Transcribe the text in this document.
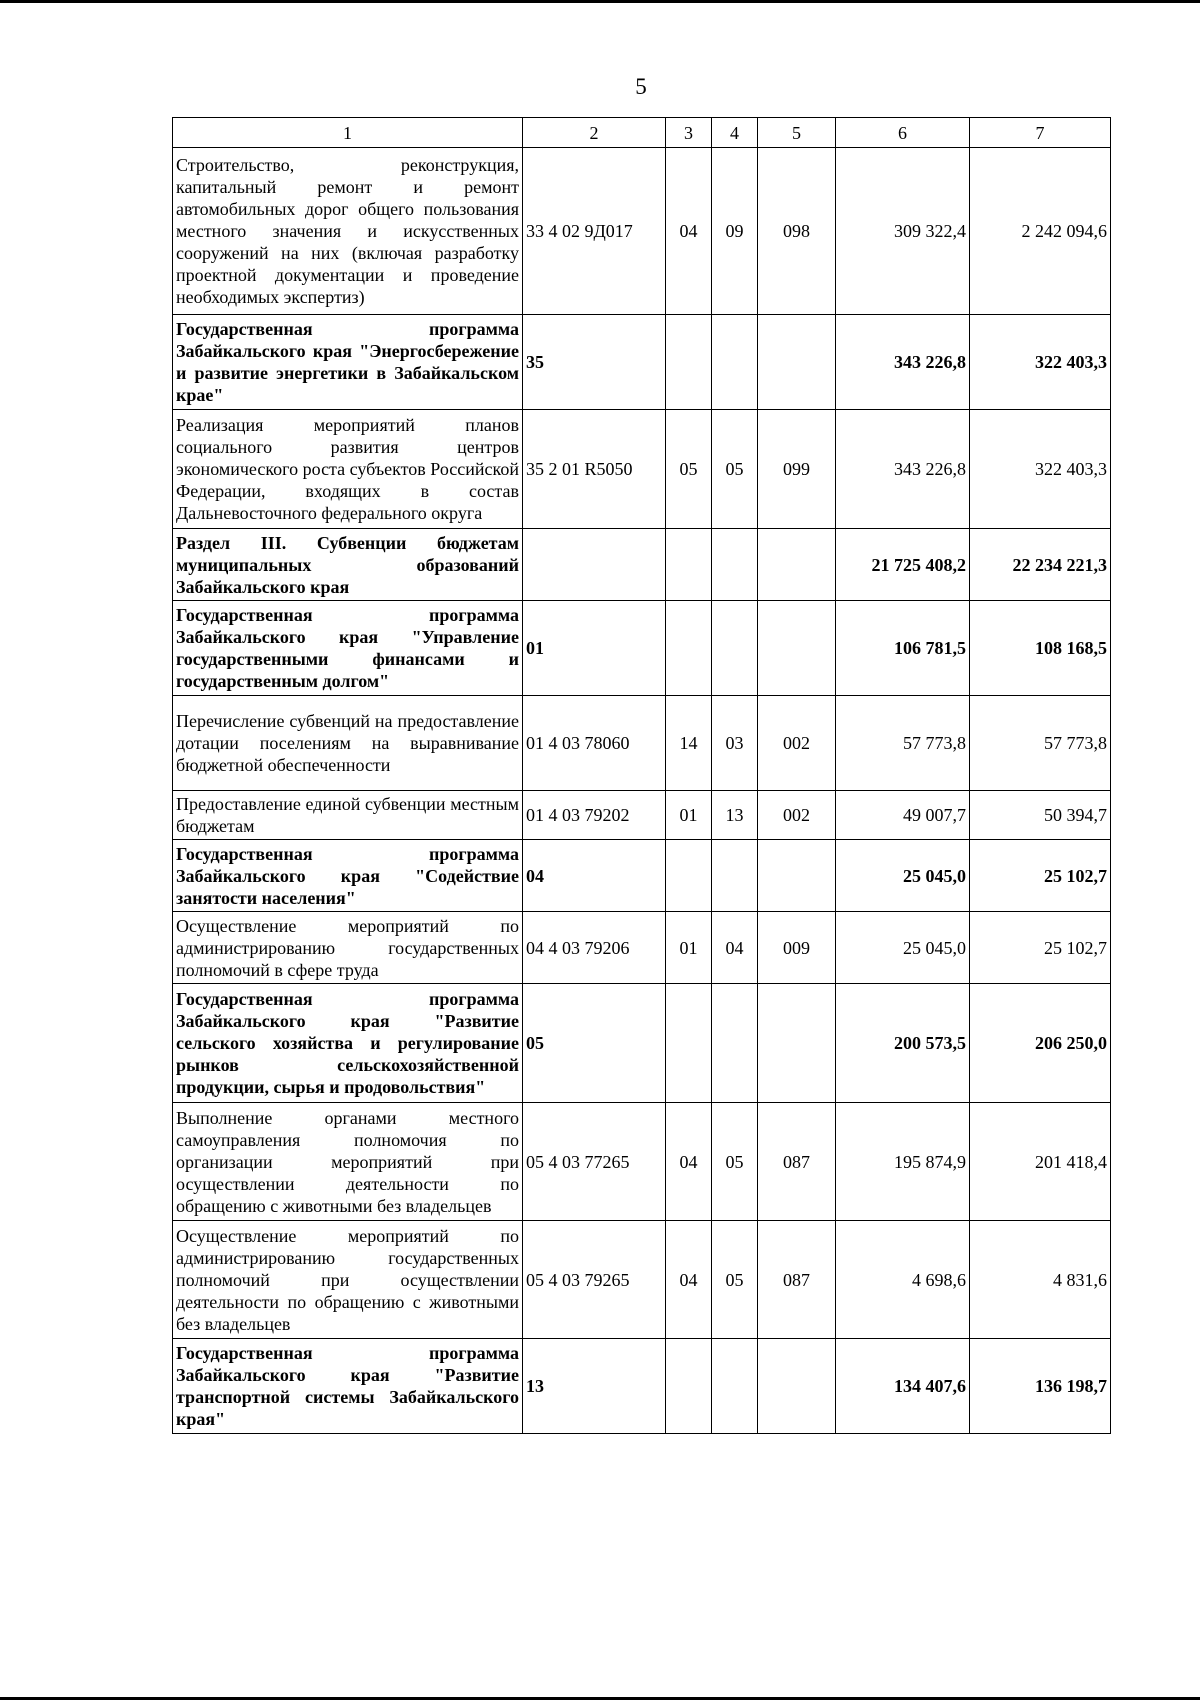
5
1	2	3	4	5	6	7
Строительство, реконструкция, капитальный ремонт и ремонт автомобильных дорог общего пользования местного значения и искусственных сооружений на них (включая разработку проектной документации и проведение необходимых экспертиз)	33 4 02 9Д017	04	09	098	309 322,4	2 242 094,6
Государственная программа Забайкальского края "Энергосбережение и развитие энергетики в Забайкальском крае"	35				343 226,8	322 403,3
Реализация мероприятий планов социального развития центров экономического роста субъектов Российской Федерации, входящих в состав Дальневосточного федерального округа	35 2 01 R5050	05	05	099	343 226,8	322 403,3
Раздел III. Субвенции бюджетам муниципальных образований Забайкальского края					21 725 408,2	22 234 221,3
Государственная программа Забайкальского края "Управление государственными финансами и государственным долгом"	01				106 781,5	108 168,5
Перечисление субвенций на предоставление дотации поселениям на выравнивание бюджетной обеспеченности	01 4 03 78060	14	03	002	57 773,8	57 773,8
Предоставление единой субвенции местным бюджетам	01 4 03 79202	01	13	002	49 007,7	50 394,7
Государственная программа Забайкальского края "Содействие занятости населения"	04				25 045,0	25 102,7
Осуществление мероприятий по администрированию государственных полномочий в сфере труда	04 4 03 79206	01	04	009	25 045,0	25 102,7
Государственная программа Забайкальского края "Развитие сельского хозяйства и регулирование рынков сельскохозяйственной продукции, сырья и продовольствия"	05				200 573,5	206 250,0
Выполнение органами местного самоуправления полномочия по организации мероприятий при осуществлении деятельности по обращению с животными без владельцев	05 4 03 77265	04	05	087	195 874,9	201 418,4
Осуществление мероприятий по администрированию государственных полномочий при осуществлении деятельности по обращению с животными без владельцев	05 4 03 79265	04	05	087	4 698,6	4 831,6
Государственная программа Забайкальского края "Развитие транспортной системы Забайкальского края"	13				134 407,6	136 198,7
